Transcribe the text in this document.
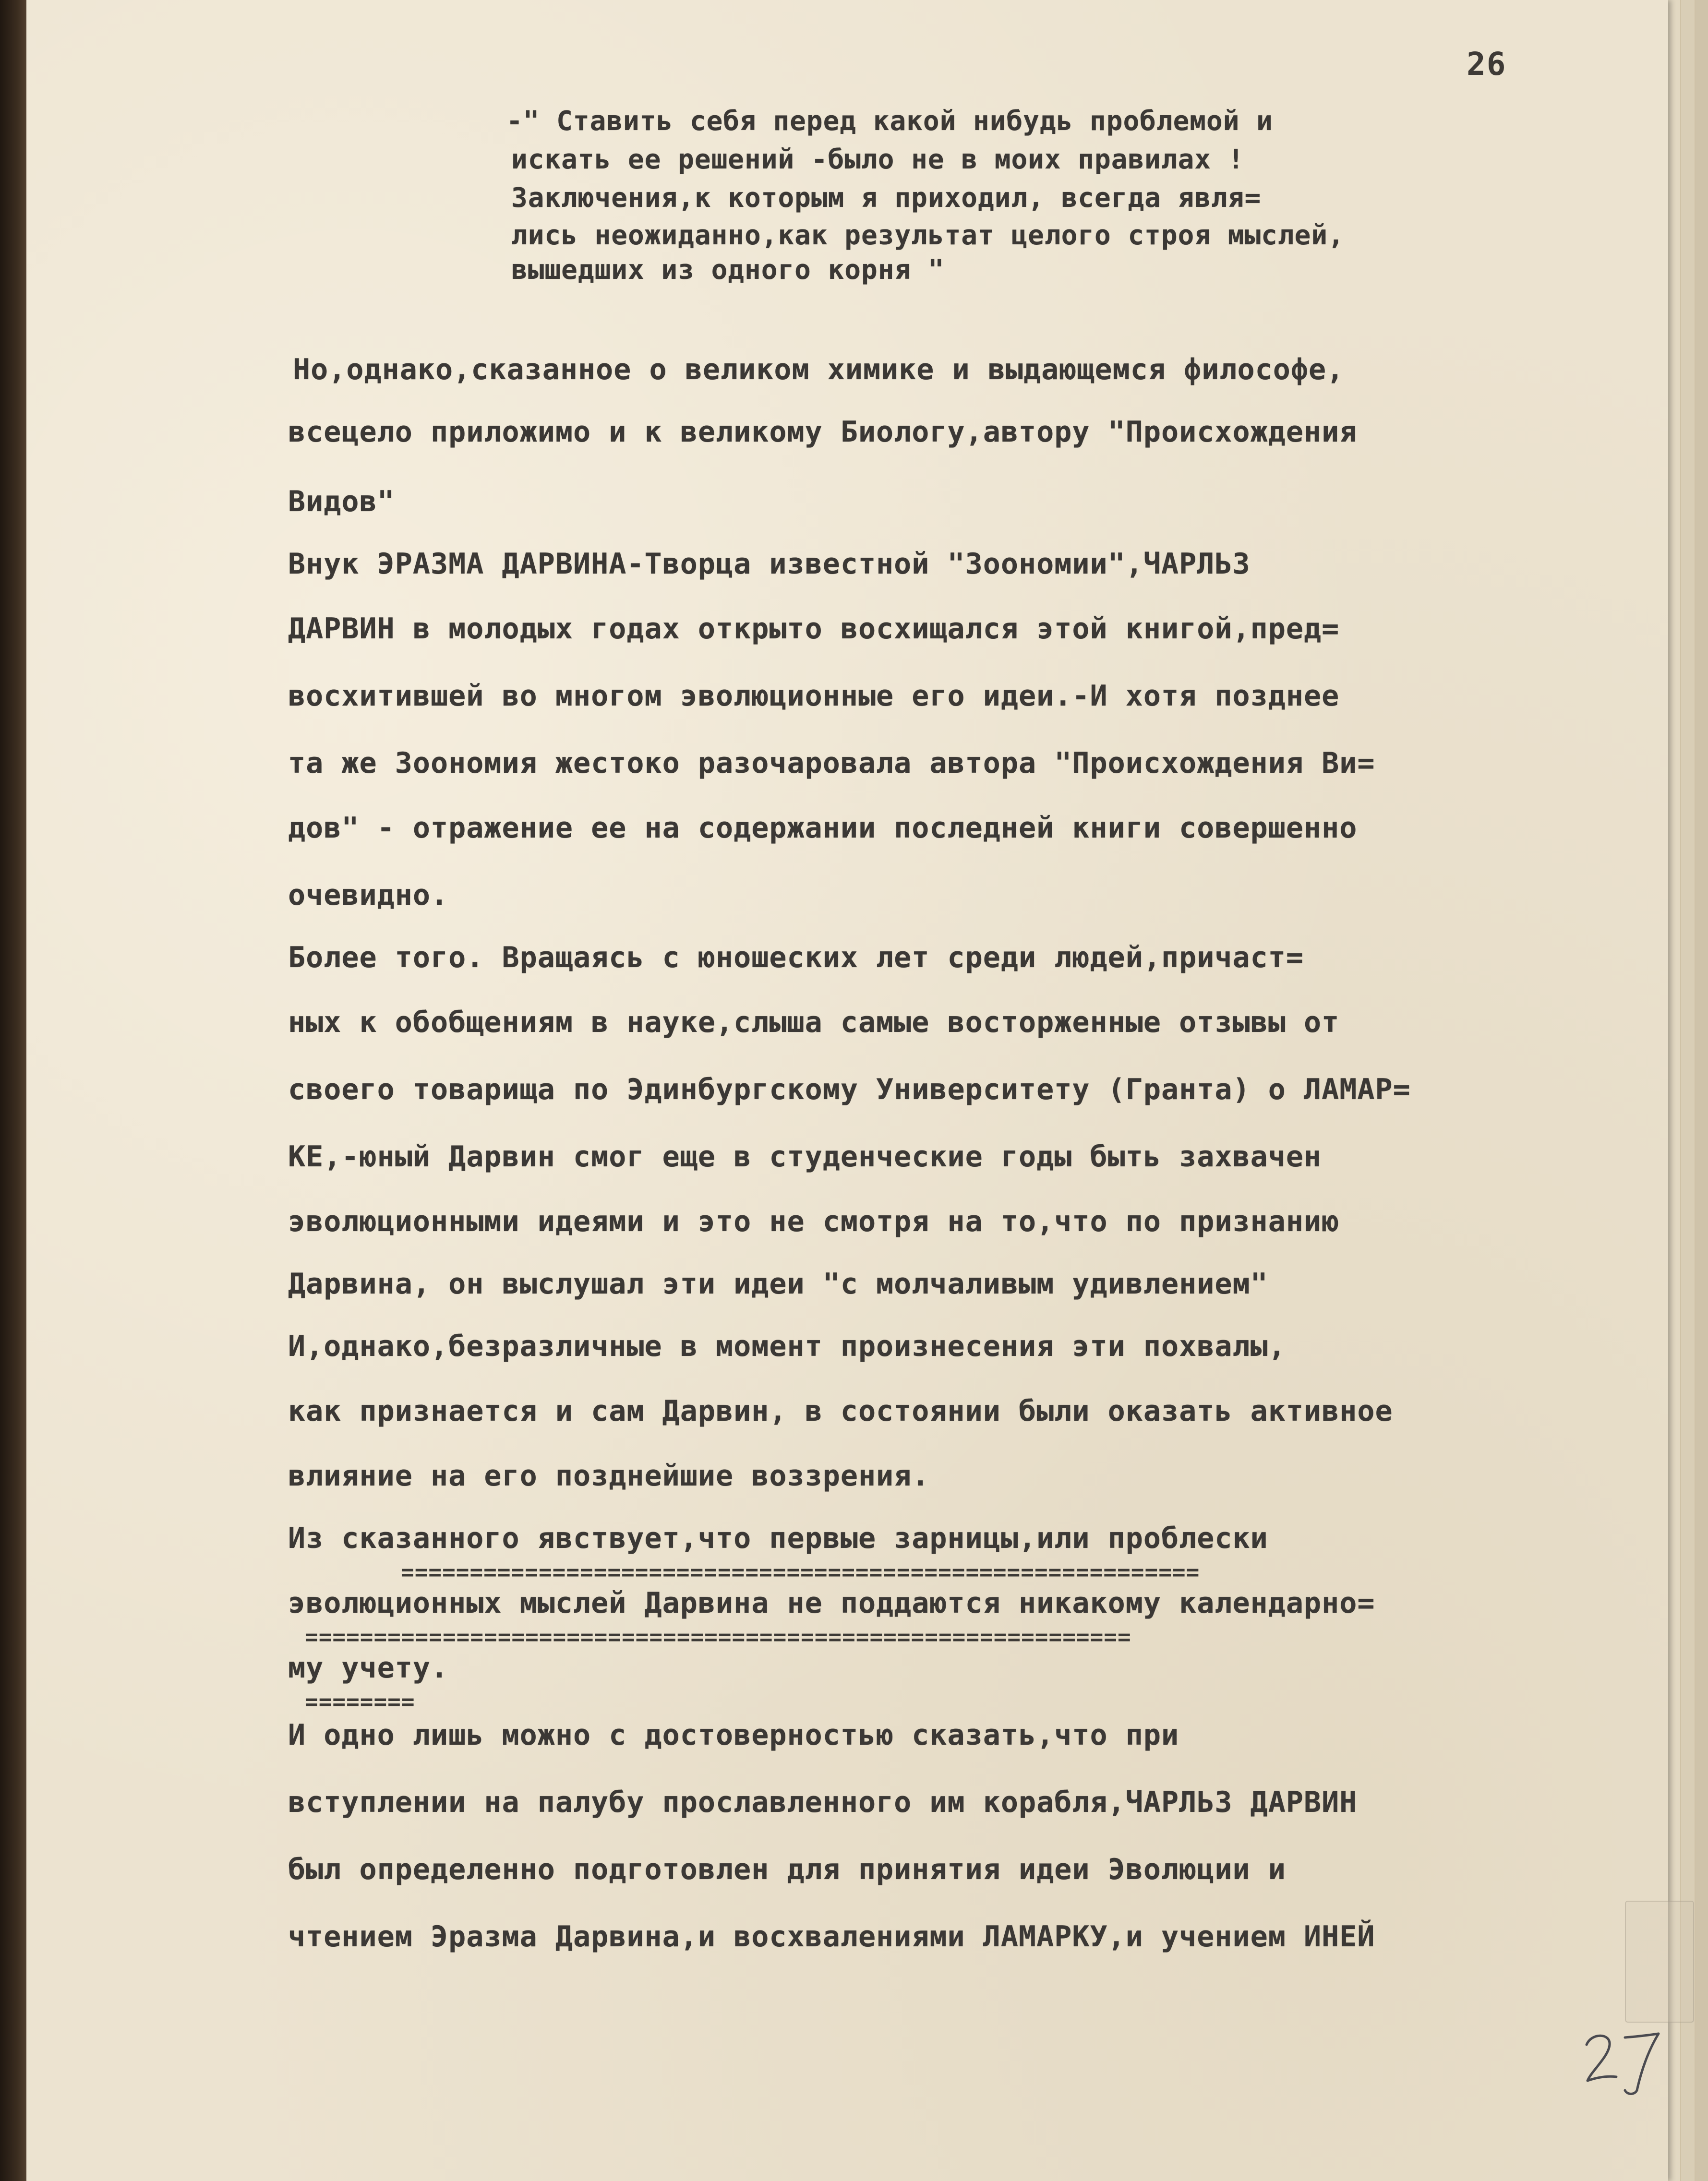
26
-" Ставить себя перед какой нибудь проблемой и
искать ее решений -было не в моих правилах !
Заключения,к которым я приходил, всегда явля=
лись неожиданно,как результат целого строя мыслей,
вышедших из одного корня "
Но,однако,сказанное о великом химике и выдающемся философе,
всецело приложимо и к великому Биологу,автору "Происхождения
Видов"
Внук ЭРАЗМА ДАРВИНА-Творца известной "Зоономии",ЧАРЛЬЗ
ДАРВИН в молодых годах открыто восхищался этой книгой,пред=
восхитившей во многом эволюционные его идеи.-И хотя позднее
та же Зоономия жестоко разочаровала автора "Происхождения Ви=
дов" - отражение ее на содержании последней книги совершенно
очевидно.
Более того. Вращаясь с юношеских лет среди людей,причаст=
ных к обобщениям в науке,слыша самые восторженные отзывы от
своего товарища по Эдинбургскому Университету (Гранта) о ЛАМАР=
КЕ,-юный Дарвин смог еще в студенческие годы быть захвачен
эволюционными идеями и это не смотря на то,что по признанию
Дарвина, он выслушал эти идеи "с молчаливым удивлением"
И,однако,безразличные в момент произнесения эти похвалы,
как признается и сам Дарвин, в состоянии были оказать активное
влияние на его позднейшие воззрения.
Из сказанного явствует,что первые зарницы,или проблески
==========================================================
эволюционных мыслей Дарвина не поддаются никакому календарно=
============================================================
му учету.
========
И одно лишь можно с достоверностью сказать,что при
вступлении на палубу прославленного им корабля,ЧАРЛЬЗ ДАРВИН
был определенно подготовлен для принятия идеи Эволюции и
чтением Эразма Дарвина,и восхвалениями ЛАМАРКУ,и учением ИНЕЙ
